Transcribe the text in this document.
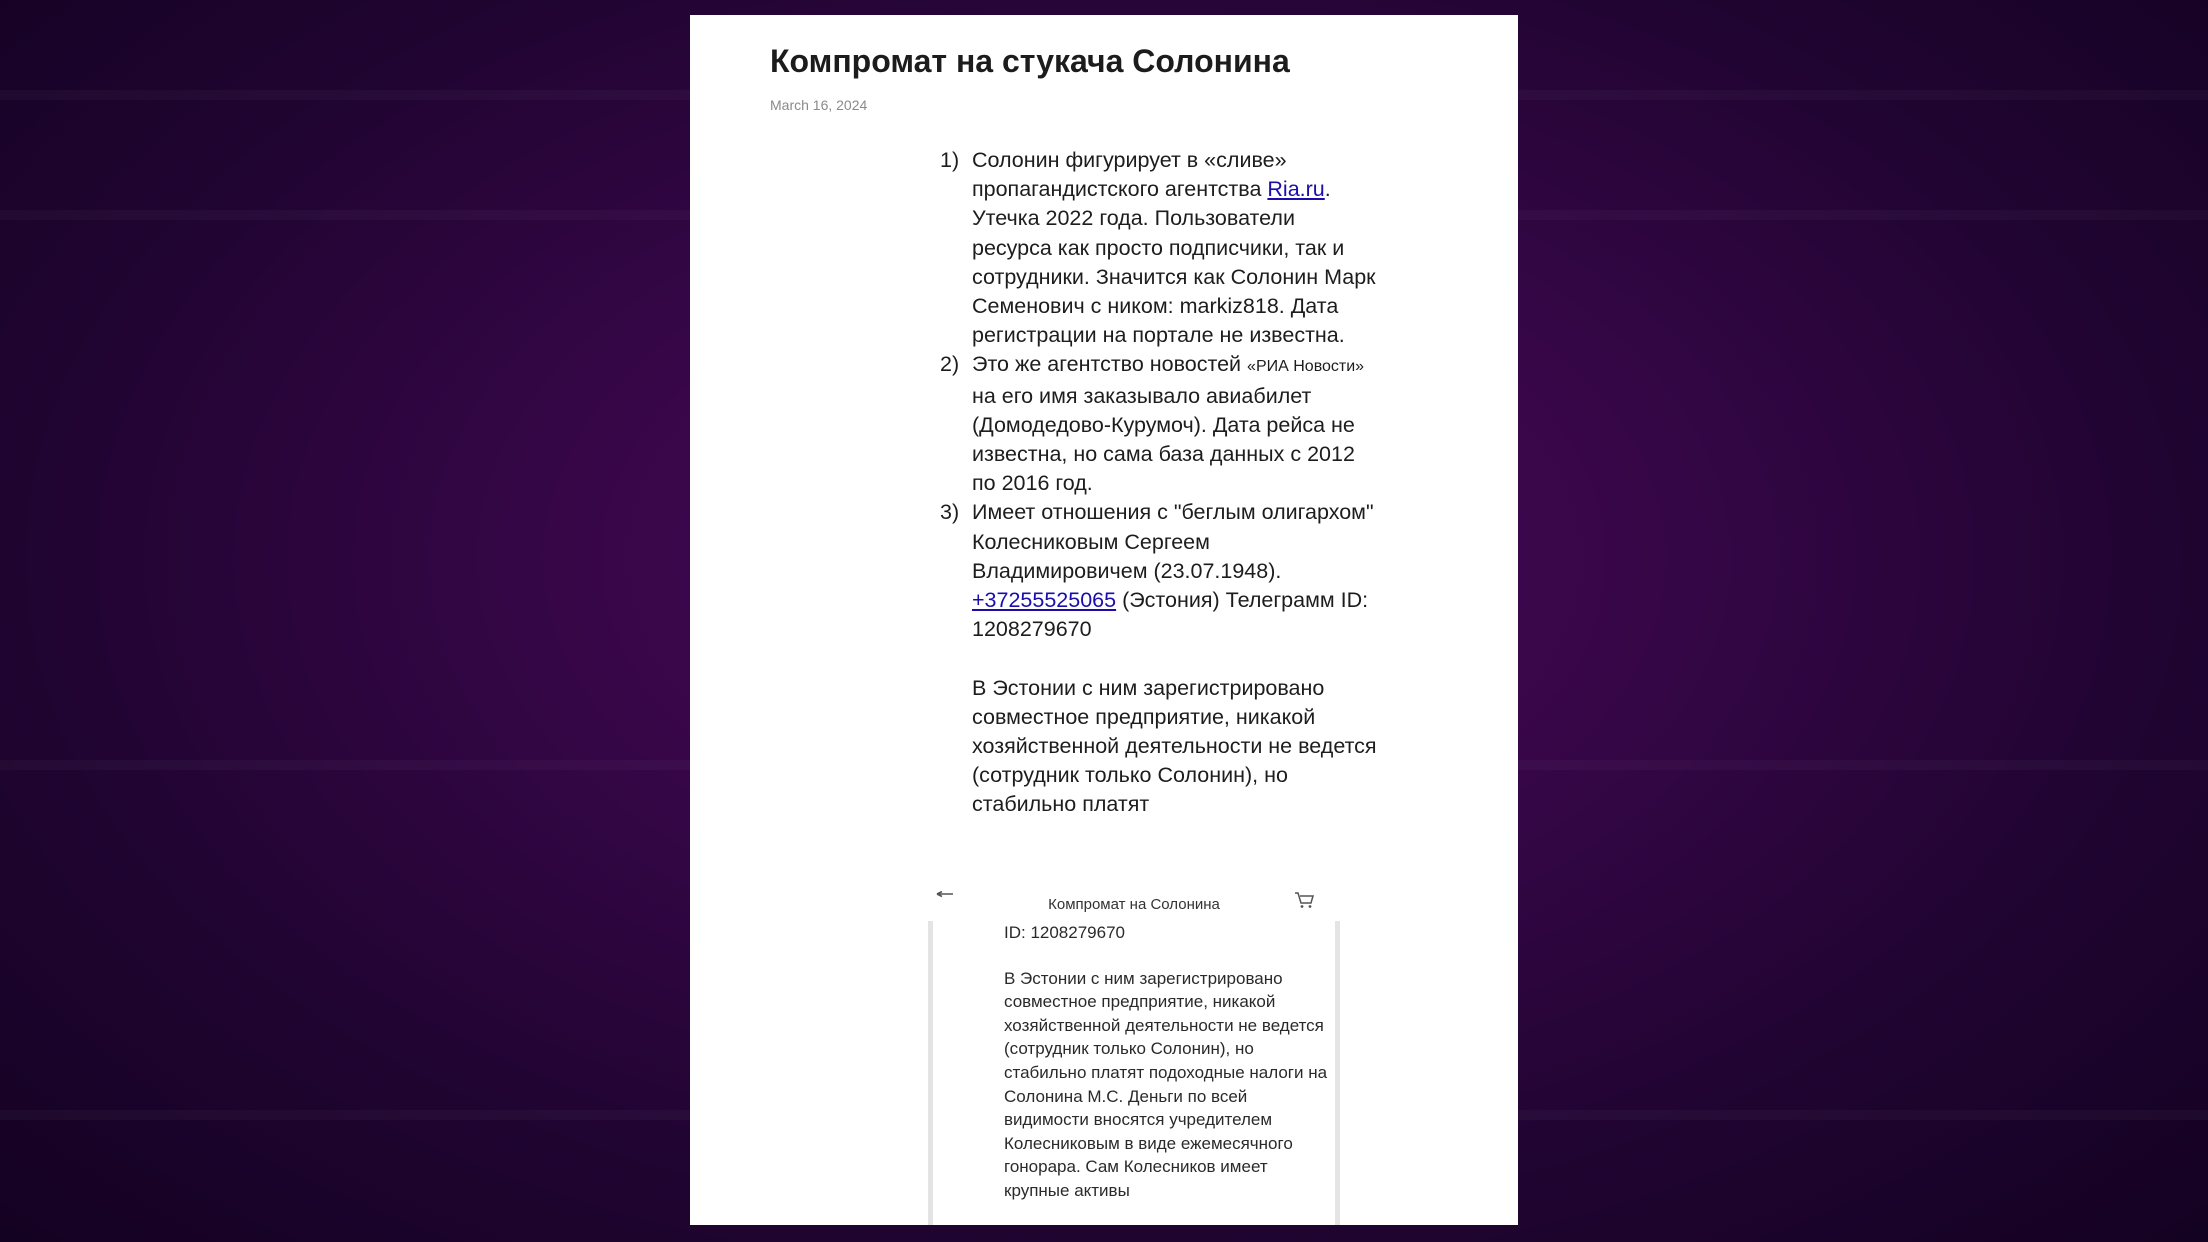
Компромат на стукача Солонина
March 16, 2024
1) Солонин фигурирует в «сливе» пропагандистского агентства Ria.ru. Утечка 2022 года. Пользователи ресурса как просто подписчики, так и сотрудники. Значится как Солонин Марк Семенович с ником: markiz818. Дата регистрации на портале не известна.
2) Это же агентство новостей «РИА Новости» на его имя заказывало авиабилет (Домодедово-Курумоч). Дата рейса не известна, но сама база данных с 2012 по 2016 год.
3) Имеет отношения с "беглым олигархом" Колесниковым Сергеем Владимировичем (23.07.1948). +37255525065 (Эстония) Телеграмм ID: 1208279670
В Эстонии с ним зарегистрировано совместное предприятие, никакой хозяйственной деятельности не ведется (сотрудник только Солонин), но стабильно платят
Компромат на Солонина
ID: 1208279670
В Эстонии с ним зарегистрировано совместное предприятие, никакой хозяйственной деятельности не ведется (сотрудник только Солонин), но стабильно платят подоходные налоги на Солонина М.С. Деньги по всей видимости вносятся учредителем Колесниковым в виде ежемесячного гонорара. Сам Колесников имеет крупные активы
